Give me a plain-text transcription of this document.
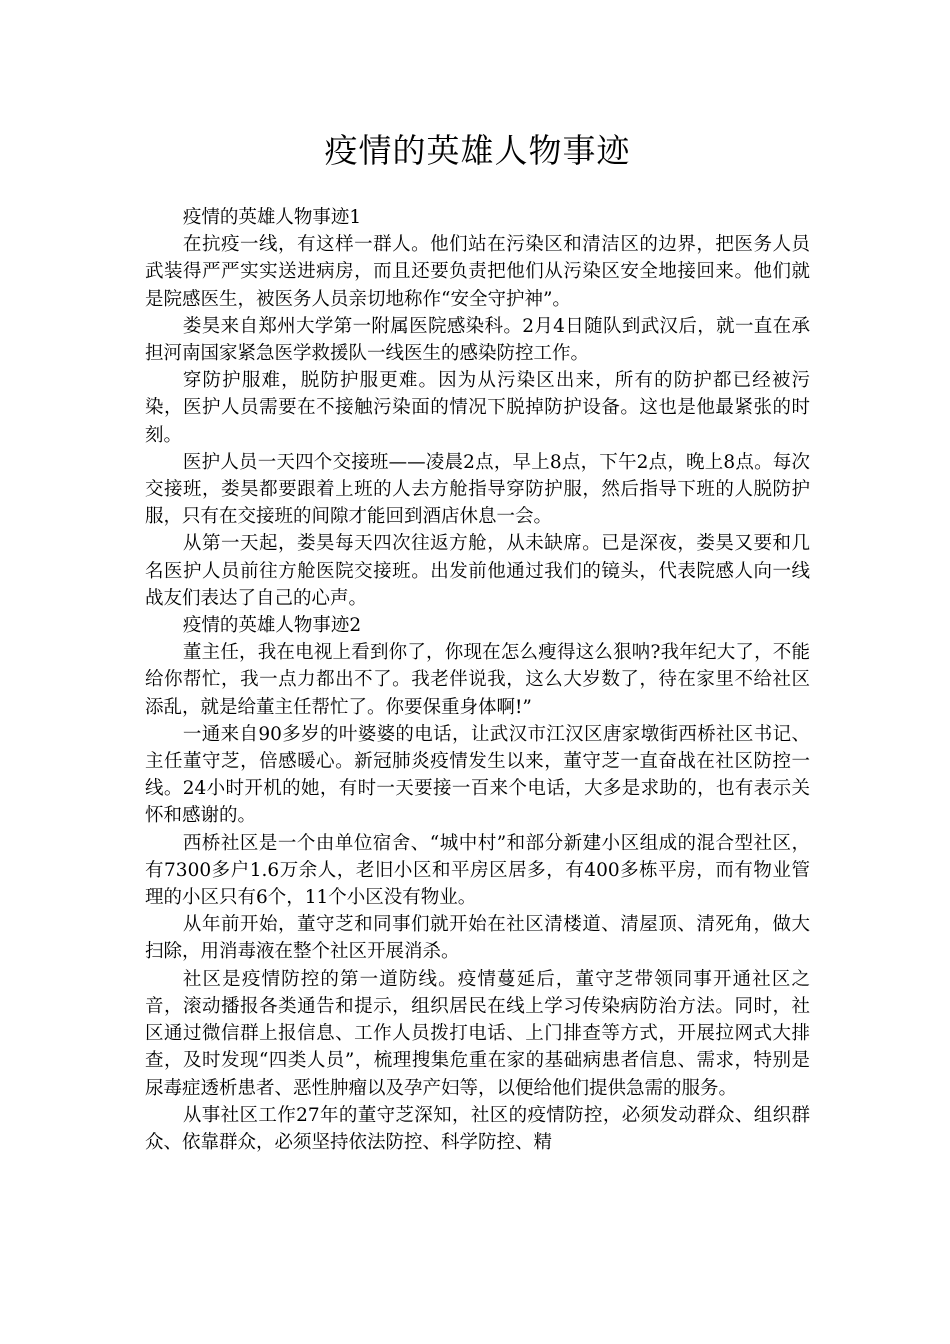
疫情的英雄人物事迹

疫情的英雄人物事迹1

在抗疫一线，有这样一群人。他们站在污染区和清洁区的边界，把医务人员武装得严严实实送进病房，而且还要负责把他们从污染区安全地接回来。他们就是院感医生，被医务人员亲切地称作“安全守护神”。

娄昊来自郑州大学第一附属医院感染科。2月4日随队到武汉后，就一直在承担河南国家紧急医学救援队一线医生的感染防控工作。

穿防护服难，脱防护服更难。因为从污染区出来，所有的防护都已经被污染，医护人员需要在不接触污染面的情况下脱掉防护设备。这也是他最紧张的时刻。

医护人员一天四个交接班——凌晨2点，早上8点，下午2点，晚上8点。每次交接班，娄昊都要跟着上班的人去方舱指导穿防护服，然后指导下班的人脱防护服，只有在交接班的间隙才能回到酒店休息一会。

从第一天起，娄昊每天四次往返方舱，从未缺席。已是深夜，娄昊又要和几名医护人员前往方舱医院交接班。出发前他通过我们的镜头，代表院感人向一线战友们表达了自己的心声。

疫情的英雄人物事迹2

董主任，我在电视上看到你了，你现在怎么瘦得这么狠呐?我年纪大了，不能给你帮忙，我一点力都出不了。我老伴说我，这么大岁数了，待在家里不给社区添乱，就是给董主任帮忙了。你要保重身体啊!”

一通来自90多岁的叶婆婆的电话，让武汉市江汉区唐家墩街西桥社区书记、主任董守芝，倍感暖心。新冠肺炎疫情发生以来，董守芝一直奋战在社区防控一线。24小时开机的她，有时一天要接一百来个电话，大多是求助的，也有表示关怀和感谢的。

西桥社区是一个由单位宿舍、“城中村”和部分新建小区组成的混合型社区，有7300多户1.6万余人，老旧小区和平房区居多，有400多栋平房，而有物业管理的小区只有6个，11个小区没有物业。

从年前开始，董守芝和同事们就开始在社区清楼道、清屋顶、清死角，做大扫除，用消毒液在整个社区开展消杀。

社区是疫情防控的第一道防线。疫情蔓延后，董守芝带领同事开通社区之音，滚动播报各类通告和提示，组织居民在线上学习传染病防治方法。同时，社区通过微信群上报信息、工作人员拨打电话、上门排查等方式，开展拉网式大排查，及时发现“四类人员”，梳理搜集危重在家的基础病患者信息、需求，特别是尿毒症透析患者、恶性肿瘤以及孕产妇等，以便给他们提供急需的服务。

从事社区工作27年的董守芝深知，社区的疫情防控，必须发动群众、组织群众、依靠群众，必须坚持依法防控、科学防控、精
